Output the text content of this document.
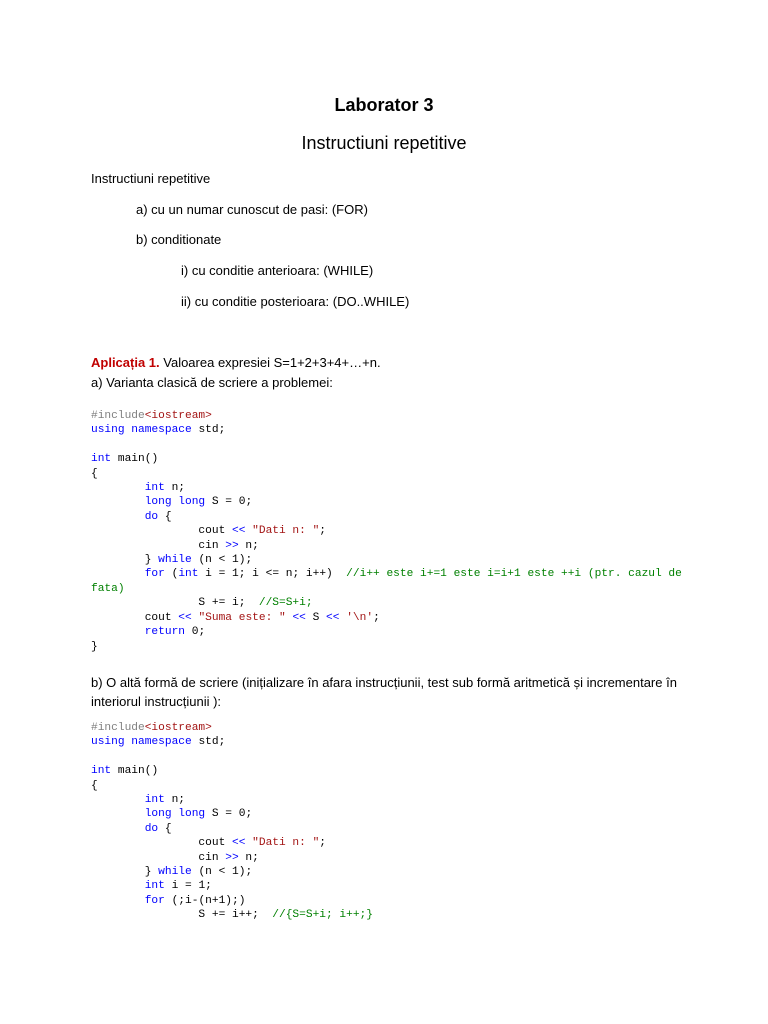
Laborator 3
Instructiuni repetitive
Instructiuni repetitive
a) cu un numar cunoscut de pasi: (FOR)
b) conditionate
i) cu conditie anterioara: (WHILE)
ii) cu conditie posterioara: (DO..WHILE)
Aplicația 1. Valoarea expresiei S=1+2+3+4+…+n.
a) Varianta clasică de scriere a problemei:
#include<iostream>
using namespace std;

int main()
{
int n;
long long S = 0;
do {
cout << "Dati n: ";
cin >> n;
} while (n < 1);
for (int i = 1; i <= n; i++)  //i++ este i+=1 este i=i+1 este ++i (ptr. cazul de
fata)
S += i;  //S=S+i;
cout << "Suma este: " << S << '\n';
return 0;
}
b) O altă formă de scriere (inițializare în afara instrucțiunii, test sub formă aritmetică și incrementare în
interiorul instrucțiunii ):
#include<iostream>
using namespace std;

int main()
{
int n;
long long S = 0;
do {
cout << "Dati n: ";
cin >> n;
} while (n < 1);
int i = 1;
for (;i-(n+1);)
S += i++;  //{S=S+i; i++;}
